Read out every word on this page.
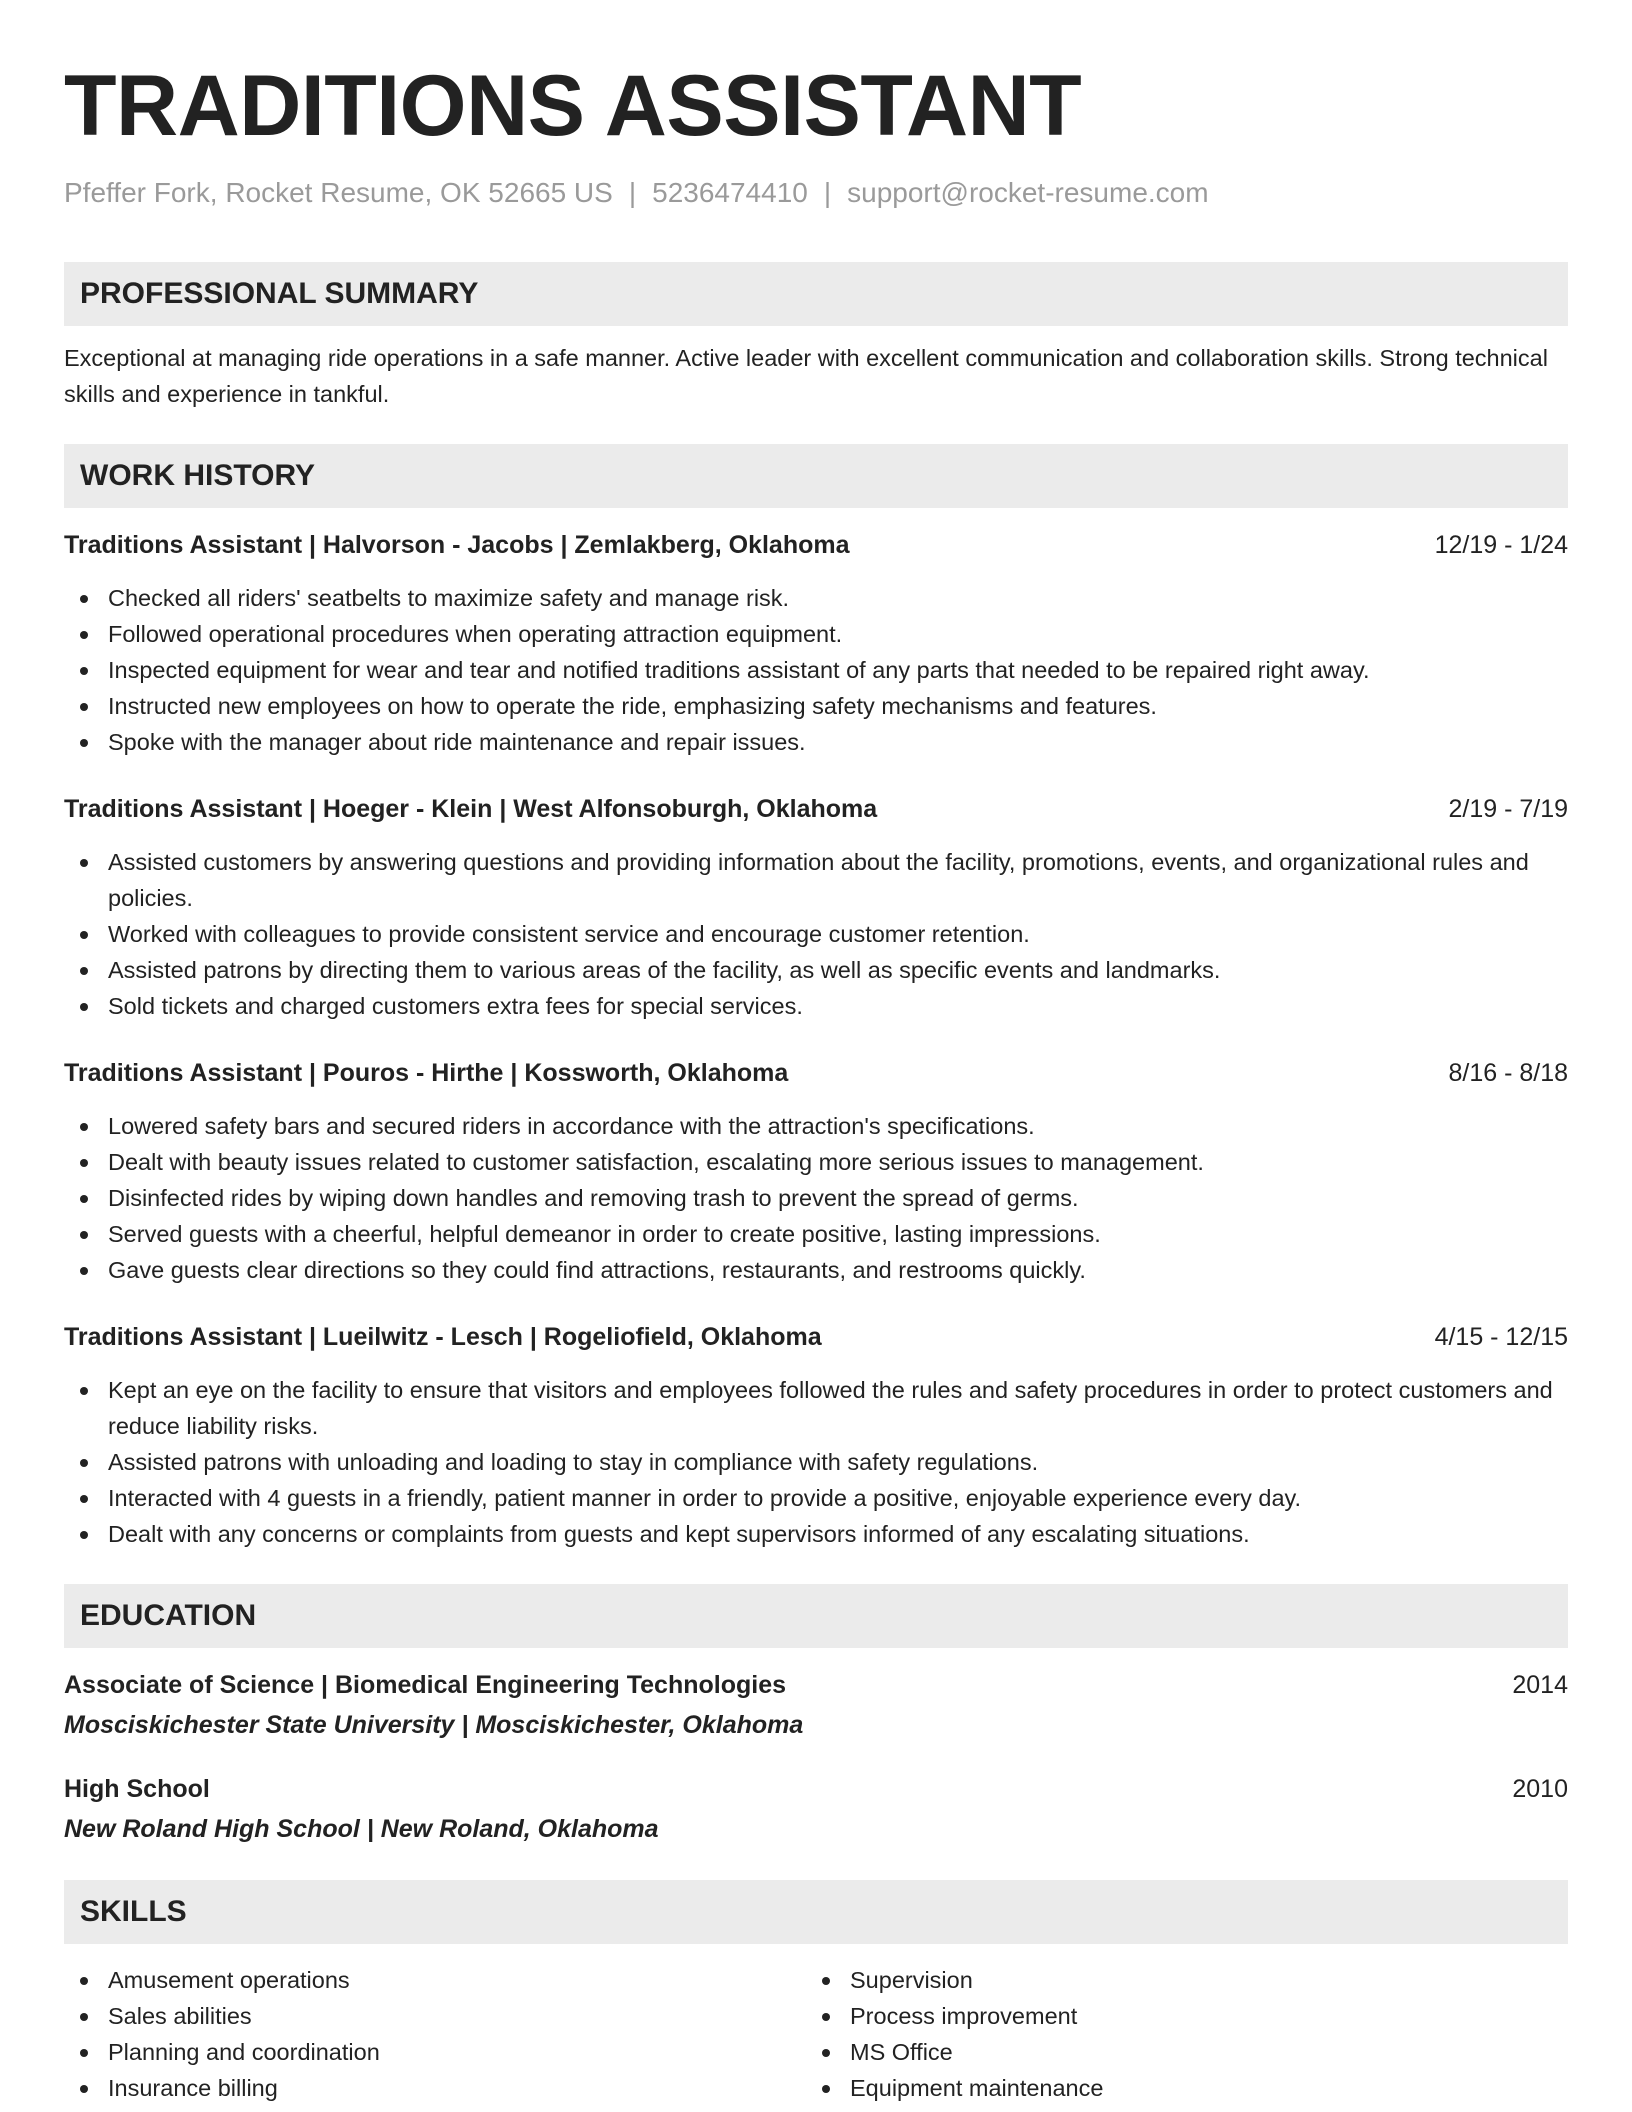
TRADITIONS ASSISTANT
Pfeffer Fork, Rocket Resume, OK 52665 US | 5236474410 | support@rocket-resume.com
PROFESSIONAL SUMMARY

Exceptional at managing ride operations in a safe manner. Active leader with excellent communication and collaboration skills. Strong technical skills and experience in tankful.

WORK HISTORY
Traditions Assistant | Halvorson - Jacobs | Zemlakberg, Oklahoma	12/19 - 1/24
Checked all riders' seatbelts to maximize safety and manage risk.
Followed operational procedures when operating attraction equipment.
Inspected equipment for wear and tear and notified traditions assistant of any parts that needed to be repaired right away.
Instructed new employees on how to operate the ride, emphasizing safety mechanisms and features.
Spoke with the manager about ride maintenance and repair issues.
Traditions Assistant | Hoeger - Klein | West Alfonsoburgh, Oklahoma	2/19 - 7/19
Assisted customers by answering questions and providing information about the facility, promotions, events, and organizational rules and policies.
Worked with colleagues to provide consistent service and encourage customer retention.
Assisted patrons by directing them to various areas of the facility, as well as specific events and landmarks.
Sold tickets and charged customers extra fees for special services.
Traditions Assistant | Pouros - Hirthe | Kossworth, Oklahoma	8/16 - 8/18
Lowered safety bars and secured riders in accordance with the attraction's specifications.
Dealt with beauty issues related to customer satisfaction, escalating more serious issues to management.
Disinfected rides by wiping down handles and removing trash to prevent the spread of germs.
Served guests with a cheerful, helpful demeanor in order to create positive, lasting impressions.
Gave guests clear directions so they could find attractions, restaurants, and restrooms quickly.
Traditions Assistant | Lueilwitz - Lesch | Rogeliofield, Oklahoma	4/15 - 12/15
Kept an eye on the facility to ensure that visitors and employees followed the rules and safety procedures in order to protect customers and reduce liability risks.
Assisted patrons with unloading and loading to stay in compliance with safety regulations.
Interacted with 4 guests in a friendly, patient manner in order to provide a positive, enjoyable experience every day.
Dealt with any concerns or complaints from guests and kept supervisors informed of any escalating situations.
EDUCATION
Associate of Science | Biomedical Engineering Technologies	2014
Mosciskichester State University | Mosciskichester, Oklahoma
High School	2010
New Roland High School | New Roland, Oklahoma
SKILLS
Amusement operations
Sales abilities
Planning and coordination
Insurance billing
Supervision
Process improvement
MS Office
Equipment maintenance
